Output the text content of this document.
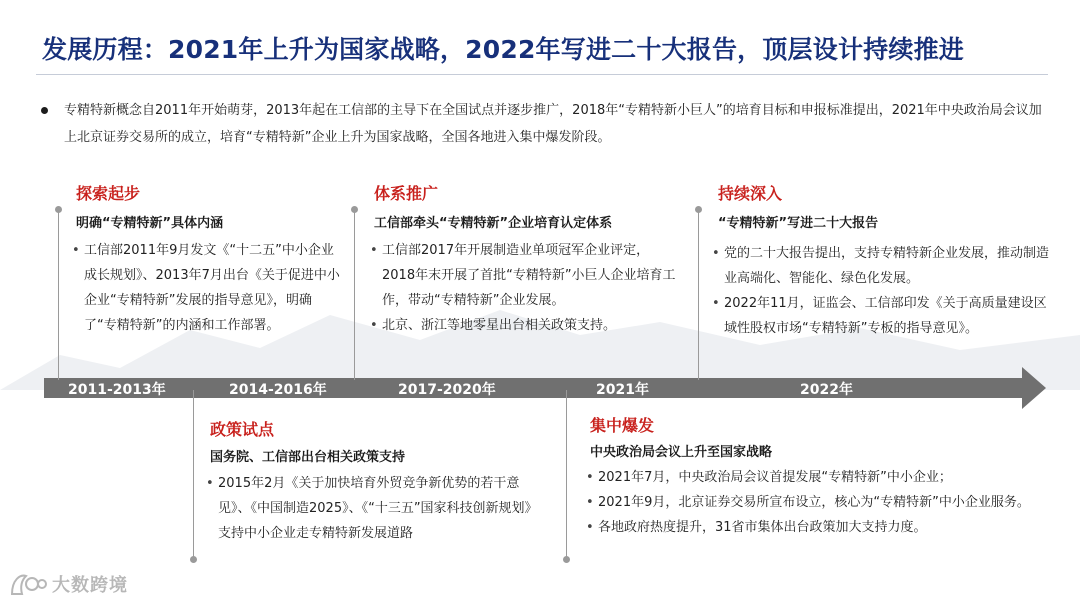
发展历程：2021年上升为国家战略，2022年写进二十大报告，顶层设计持续推进
专精特新概念自2011年开始萌芽，2013年起在工信部的主导下在全国试点并逐步推广，2018年“专精特新小巨人”的培育目标和申报标准提出，2021年中央政治局会议加上北京证券交易所的成立，培育“专精特新”企业上升为国家战略，全国各地进入集中爆发阶段。
2011-2013年	2014-2016年	2017-2020年	2021年	2022年
探索起步
明确“专精特新”具体内涵
• 工信部2011年9月发文《“十二五”中小企业成长规划》、2013年7月出台《关于促进中小企业“专精特新”发展的指导意见》，明确了“专精特新”的内涵和工作部署。
政策试点
国务院、工信部出台相关政策支持
• 2015年2月《关于加快培育外贸竞争新优势的若干意见》、《中国制造2025》、《“十三五”国家科技创新规划》支持中小企业走专精特新发展道路
体系推广
工信部牵头“专精特新”企业培育认定体系
• 工信部2017年开展制造业单项冠军企业评定，2018年末开展了首批“专精特新”小巨人企业培育工作，带动“专精特新”企业发展。
• 北京、浙江等地零星出台相关政策支持。
集中爆发
中央政治局会议上升至国家战略
• 2021年7月，中央政治局会议首提发展“专精特新”中小企业；
• 2021年9月，北京证券交易所宣布设立，核心为“专精特新”中小企业服务。
• 各地政府热度提升，31省市集体出台政策加大支持力度。
持续深入
“专精特新”写进二十大报告
• 党的二十大报告提出，支持专精特新企业发展，推动制造业高端化、智能化、绿色化发展。
• 2022年11月，证监会、工信部印发《关于高质量建设区域性股权市场“专精特新”专板的指导意见》。
大数跨境
